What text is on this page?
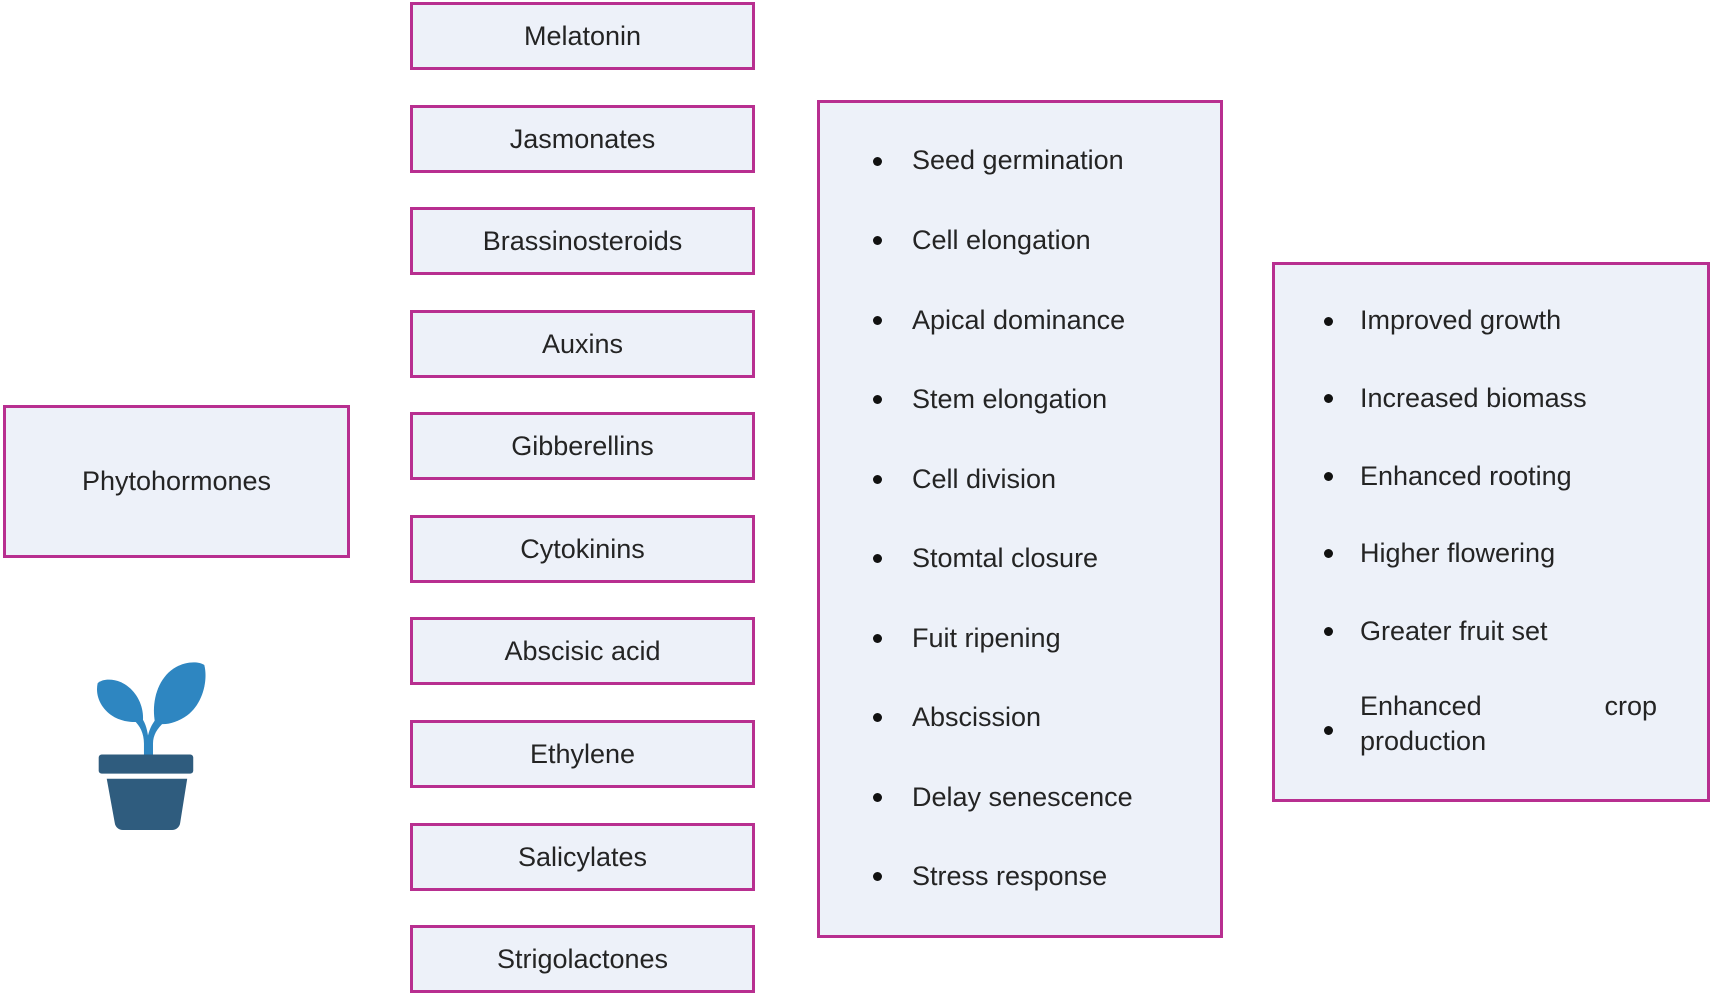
Phytohormones
Melatonin
Jasmonates
Brassinosteroids
Auxins
Gibberellins
Cytokinins
Abscisic acid
Ethylene
Salicylates
Strigolactones
Seed germination
Cell elongation
Apical dominance
Stem elongation
Cell division
Stomtal closure
Fuit ripening
Abscission
Delay senescence
Stress response
Improved growth
Increased biomass
Enhanced rooting
Higher flowering
Greater fruit set
Enhanced crop production
